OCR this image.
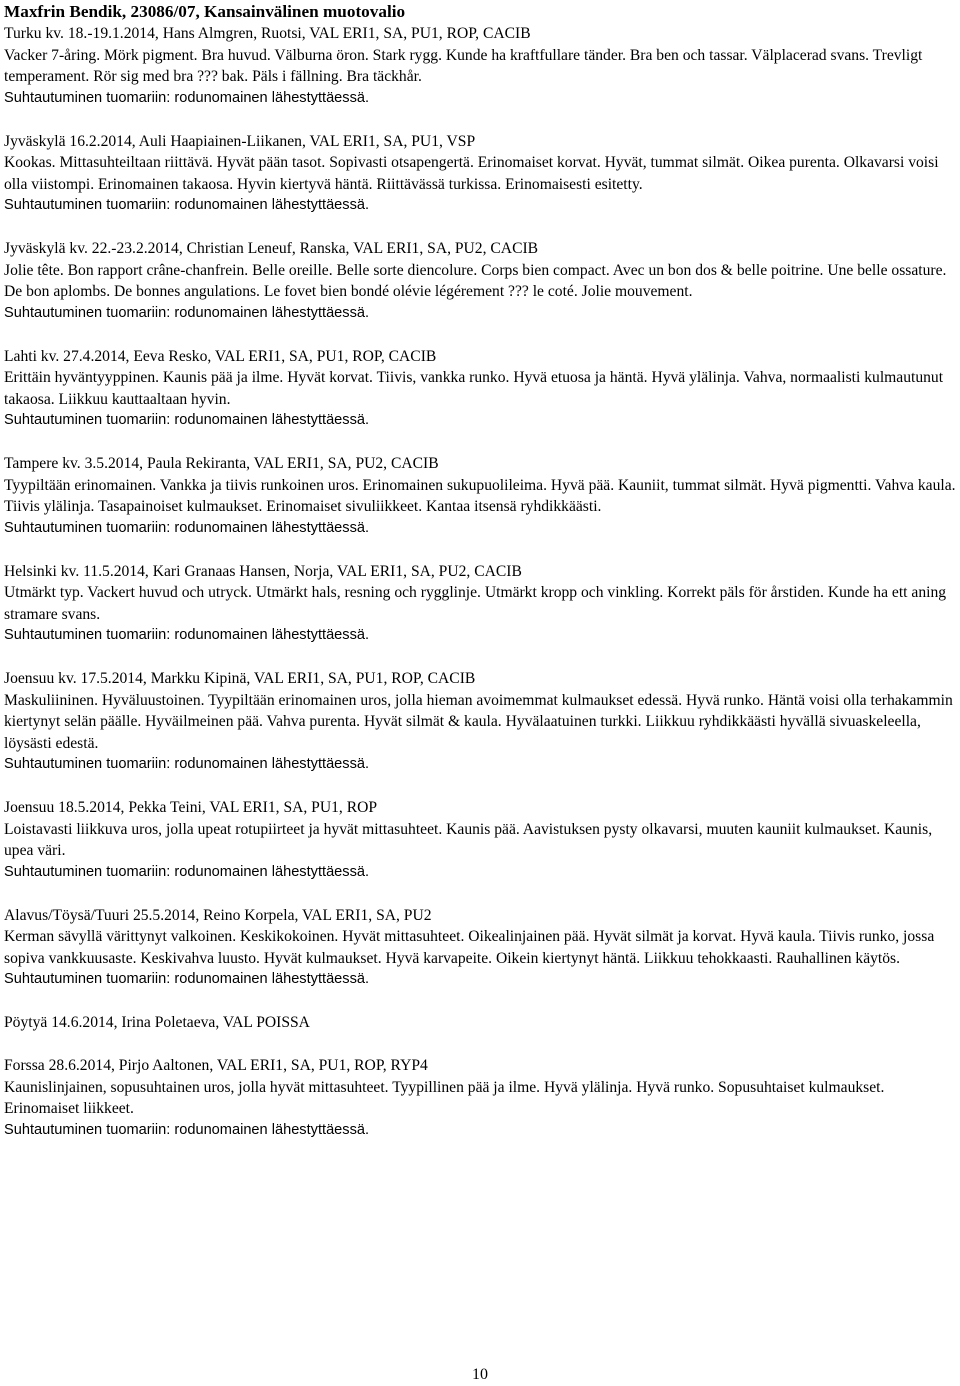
Maxfrin Bendik, 23086/07, Kansainvälinen muotovalio
Turku kv. 18.-19.1.2014, Hans Almgren, Ruotsi, VAL ERI1, SA, PU1, ROP, CACIB
Vacker 7-åring. Mörk pigment. Bra huvud. Välburna öron. Stark rygg. Kunde ha kraftfullare tänder. Bra ben och tassar. Välplacerad svans. Trevligt temperament. Rör sig med bra ??? bak. Päls i fällning. Bra täckhår.
Suhtautuminen tuomariin: rodunomainen lähestyttäessä.
Jyväskylä 16.2.2014, Auli Haapiainen-Liikanen, VAL ERI1, SA, PU1, VSP
Kookas. Mittasuhteiltaan riittävä. Hyvät pään tasot. Sopivasti otsapengertä. Erinomaiset korvat. Hyvät, tummat silmät. Oikea purenta. Olkavarsi voisi olla viistompi. Erinomainen takaosa. Hyvin kiertyvä häntä. Riittävässä turkissa. Erinomaisesti esitetty.
Suhtautuminen tuomariin: rodunomainen lähestyttäessä.
Jyväskylä kv. 22.-23.2.2014, Christian Leneuf, Ranska, VAL ERI1, SA, PU2, CACIB
Jolie tête. Bon rapport crâne-chanfrein. Belle oreille. Belle sorte diencolure. Corps bien compact. Avec un bon dos & belle poitrine. Une belle ossature. De bon aplombs. De bonnes angulations. Le fovet bien bondé olévie légérement ??? le coté. Jolie mouvement.
Suhtautuminen tuomariin: rodunomainen lähestyttäessä.
Lahti kv. 27.4.2014, Eeva Resko, VAL ERI1, SA, PU1, ROP, CACIB
Erittäin hyväntyyppinen. Kaunis pää ja ilme. Hyvät korvat. Tiivis, vankka runko. Hyvä etuosa ja häntä. Hyvä ylälinja. Vahva, normaalisti kulmautunut takaosa. Liikkuu kauttaaltaan hyvin.
Suhtautuminen tuomariin: rodunomainen lähestyttäessä.
Tampere kv. 3.5.2014, Paula Rekiranta, VAL ERI1, SA, PU2, CACIB
Tyypiltään erinomainen. Vankka ja tiivis runkoinen uros. Erinomainen sukupuolileima. Hyvä pää. Kauniit, tummat silmät. Hyvä pigmentti. Vahva kaula. Tiivis ylälinja. Tasapainoiset kulmaukset. Erinomaiset sivuliikkeet. Kantaa itsensä ryhdikkäästi.
Suhtautuminen tuomariin: rodunomainen lähestyttäessä.
Helsinki kv. 11.5.2014, Kari Granaas Hansen, Norja, VAL ERI1, SA, PU2, CACIB
Utmärkt typ. Vackert huvud och utryck. Utmärkt hals, resning och rygglinje. Utmärkt kropp och vinkling. Korrekt päls för årstiden. Kunde ha ett aning stramare svans.
Suhtautuminen tuomariin: rodunomainen lähestyttäessä.
Joensuu kv. 17.5.2014, Markku Kipinä, VAL ERI1, SA, PU1, ROP, CACIB
Maskuliininen. Hyväluustoinen. Tyypiltään erinomainen uros, jolla hieman avoimemmat kulmaukset edessä. Hyvä runko. Häntä voisi olla terhakammin kiertynyt selän päälle. Hyväilmeinen pää. Vahva purenta. Hyvät silmät & kaula. Hyvälaatuinen turkki. Liikkuu ryhdikkäästi hyvällä sivuaskeleella, löysästi edestä.
Suhtautuminen tuomariin: rodunomainen lähestyttäessä.
Joensuu 18.5.2014, Pekka Teini, VAL ERI1, SA, PU1, ROP
Loistavasti liikkuva uros, jolla upeat rotupiirteet ja hyvät mittasuhteet. Kaunis pää. Aavistuksen pysty olkavarsi, muuten kauniit kulmaukset. Kaunis, upea väri.
Suhtautuminen tuomariin: rodunomainen lähestyttäessä.
Alavus/Töysä/Tuuri 25.5.2014, Reino Korpela, VAL ERI1, SA, PU2
Kerman sävyllä värittynyt valkoinen. Keskikokoinen. Hyvät mittasuhteet. Oikealinjainen pää. Hyvät silmät ja korvat. Hyvä kaula. Tiivis runko, jossa sopiva vankkuusaste. Keskivahva luusto. Hyvät kulmaukset. Hyvä karvapeite. Oikein kiertynyt häntä. Liikkuu tehokkaasti. Rauhallinen käytös.
Suhtautuminen tuomariin: rodunomainen lähestyttäessä.
Pöytyä 14.6.2014, Irina Poletaeva, VAL POISSA
Forssa 28.6.2014, Pirjo Aaltonen, VAL ERI1, SA, PU1, ROP, RYP4
Kaunislinjainen, sopusuhtainen uros, jolla hyvät mittasuhteet. Tyypillinen pää ja ilme. Hyvä ylälinja. Hyvä runko. Sopusuhtaiset kulmaukset. Erinomaiset liikkeet.
Suhtautuminen tuomariin: rodunomainen lähestyttäessä.
10
